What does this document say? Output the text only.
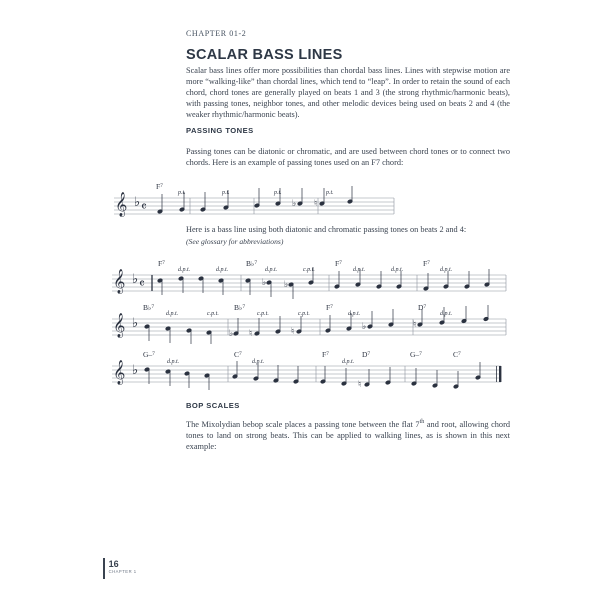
CHAPTER 01-2
SCALAR BASS LINES
Scalar bass lines offer more possibilities than chordal bass lines. Lines with stepwise motion are more “walking-like” than chordal lines, which tend to “leap”. In order to retain the sound of each chord, chord tones are generally played on beats 1 and 3 (the strong rhythmic/harmonic beats), with passing tones, neighbor tones, and other melodic devices being used on beats 2 and 4 (the weaker rhythmic/harmonic beats).
PASSING TONES
Passing tones can be diatonic or chromatic, and are used between chord tones or to connect two chords. Here is an example of passing tones used on an F7 chord:
𝄞 ♭ 𝄴
$F^7$
p.t.	p.t.	p.t.	p.t.
♭ ♮
Here is a bass line using both diatonic and chromatic passing tones on beats 2 and 4:
(See glossary for abbreviations)
𝄞 ♭ 𝄴
$F^7$	B♭$^7$	$F^7$	$F^7$
d.p.t.	d.p.t.	d.p.t.	c.p.t.	d.p.t.	d.p.t.	d.p.t.
♭ ♭
𝄞 ♭
B♭$^7$	B♭$^7$	$F^7$	$D^7$
d.p.t.	c.p.t.	c.p.t.	c.p.t.	d.p.t.	d.p.t.
♭ ♮	♮	♭	♮
𝄞 ♭
G–$^7$	$C^7$	$F^7$	$D^7$	G–$^7$	$C^7$
d.p.t.	d.p.t.	d.p.t.
♮
BOP SCALES
The Mixolydian bebop scale places a passing tone between the flat 7th and root, allowing chord tones to land on strong beats. This can be applied to walking lines, as is shown in this next example:
16
CHAPTER 1
